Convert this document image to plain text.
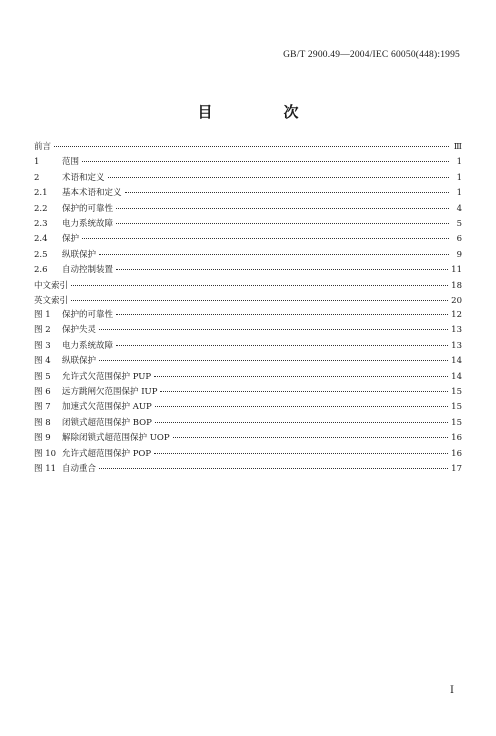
GB/T 2900.49—2004/IEC 60050(448):1995
目　次
前言	Ⅲ
1	范围	1
2	术语和定义	1
2.1	基本术语和定义	1
2.2	保护的可靠性	4
2.3	电力系统故障	5
2.4	保护	6
2.5	纵联保护	9
2.6	自动控制装置	11
中文索引	18
英文索引	20
图 1	保护的可靠性	12
图 2	保护失灵	13
图 3	电力系统故障	13
图 4	纵联保护	14
图 5	允许式欠范围保护 PUP	14
图 6	远方跳闸欠范围保护 IUP	15
图 7	加速式欠范围保护 AUP	15
图 8	闭锁式超范围保护 BOP	15
图 9	解除闭锁式超范围保护 UOP	16
图 10 允许式超范围保护 POP	16
图 11 自动重合	17
I
